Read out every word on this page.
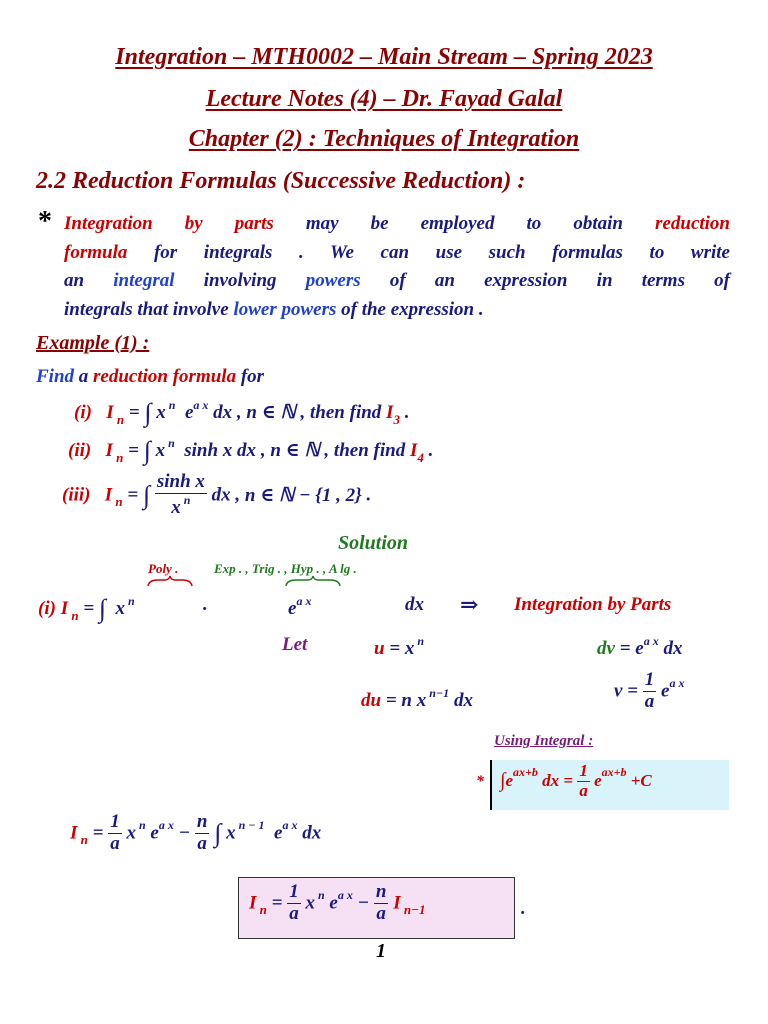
Integration – MTH0002 – Main Stream – Spring 2023
Lecture Notes (4) – Dr. Fayad Galal
Chapter (2) : Techniques of Integration
2.2 Reduction Formulas (Successive Reduction) :
* Integration by parts may be employed to obtain reduction
formula for integrals . We can use such formulas to write
an integral involving powers of an expression in terms of
integrals that involve lower powers of the expression .
Example (1) :
Find a reduction formula for
(i) I $_n$ = ∫ x $^n$ $e^{a x}$ dx , n ∈ ℕ , then find $I_3$ .
(ii) I $_n$ = ∫ x $^n$ sinh x dx , n ∈ ℕ , then find $I_4$ .
(iii) I $_n$ = ∫ $\frac{\text{sinh x}}{x ^n}$ dx , n ∈ ℕ − {1 , 2} .
Solution
Poly .	Exp . , Trig . , Hyp . , A lg .
(i) I $_n$ = ∫ x $^n$	.	$e^{a x}$	dx ⇒ Integration by Parts
Let	u = x $^n$	dv = $e^{a x}$ dx
du = n x $^{n-1}$ dx	$v = \frac{1}{a} e^{a x}$
Using Integral :
* $\int e^{ax+b}$ dx = $\frac{1}{a} e^{ax+b} +C$
I $_n = \frac{1}{a}$ x $^n$ $e^{a x} - \frac{n}{a}$ ∫ x $^{n - 1}$  $e^{a x}$ dx
I $_n = \frac{1}{a}$ x $^n$ $e^{a x} - \frac{n}{a}$ I $_{n-1}$	.
1
